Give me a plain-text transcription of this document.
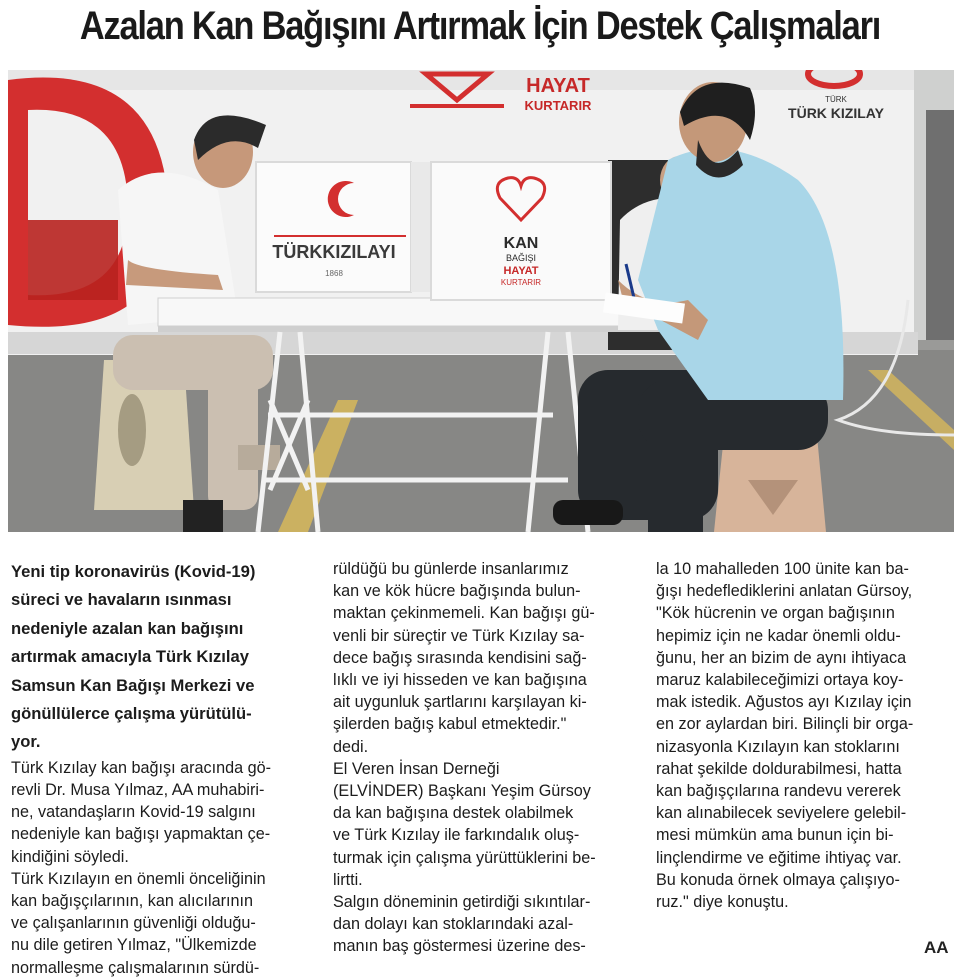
Azalan Kan Bağışını Artırmak İçin Destek Çalışmaları
HAYAT
KURTARIR	TÜRK
TÜRK KIZILAY
TÜRKKIZILAYI
1868
KAN
BAĞIŞI
HAYAT
KURTARIR

Yeni tip koronavirüs (Kovid-19)
süreci ve havaların ısınması
nedeniyle azalan kan bağışını
artırmak amacıyla Türk Kızılay
Samsun Kan Bağışı Merkezi ve
gönüllülerce çalışma yürütülü-
yor.

Türk Kızılay kan bağışı aracında gö-
revli Dr. Musa Yılmaz, AA muhabiri-
ne, vatandaşların Kovid-19 salgını
nedeniyle kan bağışı yapmaktan çe-
kindiğini söyledi.

Türk Kızılayın en önemli önceliğinin
kan bağışçılarının, kan alıcılarının
ve çalışanlarının güvenliği olduğu-
nu dile getiren Yılmaz, "Ülkemizde
normalleşme çalışmalarının sürdü-

rüldüğü bu günlerde insanlarımız
kan ve kök hücre bağışında bulun-
maktan çekinmemeli. Kan bağışı gü-
venli bir süreçtir ve Türk Kızılay sa-
dece bağış sırasında kendisini sağ-
lıklı ve iyi hisseden ve kan bağışına
ait uygunluk şartlarını karşılayan ki-
şilerden bağış kabul etmektedir."
dedi.

El Veren İnsan Derneği
(ELVİNDER) Başkanı Yeşim Gürsoy
da kan bağışına destek olabilmek
ve Türk Kızılay ile farkındalık oluş-
turmak için çalışma yürüttüklerini be-
lirtti.

Salgın döneminin getirdiği sıkıntılar-
dan dolayı kan stoklarındaki azal-
manın baş göstermesi üzerine des-

la 10 mahalleden 100 ünite kan ba-
ğışı hedeflediklerini anlatan Gürsoy,
"Kök hücrenin ve organ bağışının
hepimiz için ne kadar önemli oldu-
ğunu, her an bizim de aynı ihtiyaca
maruz kalabileceğimizi ortaya koy-
mak istedik. Ağustos ayı Kızılay için
en zor aylardan biri. Bilinçli bir orga-
nizasyonla Kızılayın kan stoklarını
rahat şekilde doldurabilmesi, hatta
kan bağışçılarına randevu vererek
kan alınabilecek seviyelere gelebil-
mesi mümkün ama bunun için bi-
linçlendirme ve eğitime ihtiyaç var.
Bu konuda örnek olmaya çalışıyo-
ruz." diye konuştu.

AA
